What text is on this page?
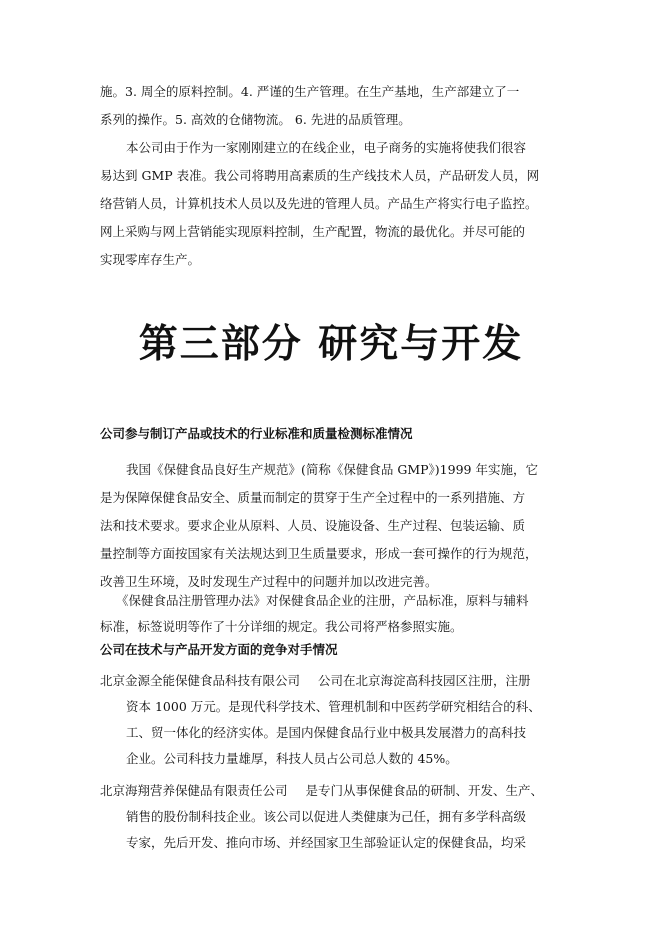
施。3. 周全的原料控制。4. 严谨的生产管理。在生产基地，生产部建立了一
系列的操作。5. 高效的仓储物流。 6. 先进的品质管理。
本公司由于作为一家刚刚建立的在线企业，电子商务的实施将使我们很容
易达到 GMP 表准。我公司将聘用高素质的生产线技术人员，产品研发人员，网
络营销人员，计算机技术人员以及先进的管理人员。产品生产将实行电子监控。
网上采购与网上营销能实现原料控制，生产配置，物流的最优化。并尽可能的
实现零库存生产。
第三部分 研究与开发
公司参与制订产品或技术的行业标准和质量检测标准情况
我国《保健食品良好生产规范》(简称《保健食品 GMP》)1999 年实施，它
是为保障保健食品安全、质量而制定的贯穿于生产全过程中的一系列措施、方
法和技术要求。要求企业从原料、人员、设施设备、生产过程、包装运输、质
量控制等方面按国家有关法规达到卫生质量要求，形成一套可操作的行为规范，
改善卫生环境，及时发现生产过程中的问题并加以改进完善。
《保健食品注册管理办法》对保健食品企业的注册，产品标准，原料与辅料
标准，标签说明等作了十分详细的规定。我公司将严格参照实施。
公司在技术与产品开发方面的竞争对手情况
北京金源全能保健食品科技有限公司 公司在北京海淀高科技园区注册，注册
资本 1000 万元。是现代科学技术、管理机制和中医药学研究相结合的科、
工、贸一体化的经济实体。是国内保健食品行业中极具发展潜力的高科技
企业。公司科技力量雄厚，科技人员占公司总人数的 45%。
北京海翔营养保健品有限责任公司 是专门从事保健食品的研制、开发、生产、
销售的股份制科技企业。该公司以促进人类健康为己任，拥有多学科高级
专家，先后开发、推向市场、并经国家卫生部验证认定的保健食品，均采
